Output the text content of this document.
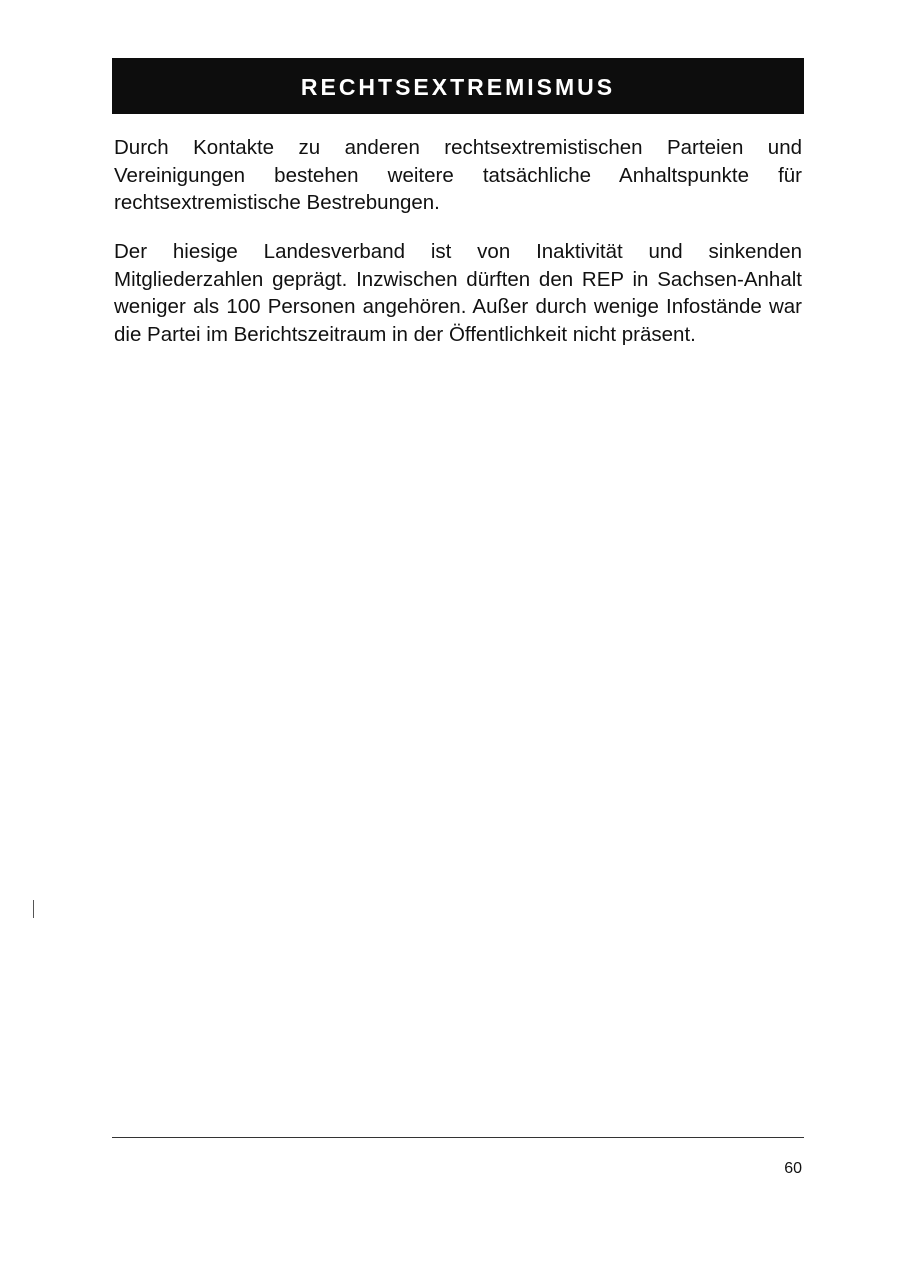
RECHTSEXTREMISMUS

Durch Kontakte zu anderen rechtsextremistischen Parteien und Vereinigungen bestehen weitere tatsächliche Anhaltspunkte für rechtsextremistische Bestrebungen.

Der hiesige Landesverband ist von Inaktivität und sinkenden Mitgliederzahlen geprägt. Inzwischen dürften den REP in Sachsen-Anhalt weniger als 100 Personen angehören. Außer durch wenige Infostände war die Partei im Berichtszeitraum in der Öffentlichkeit nicht präsent.

60
